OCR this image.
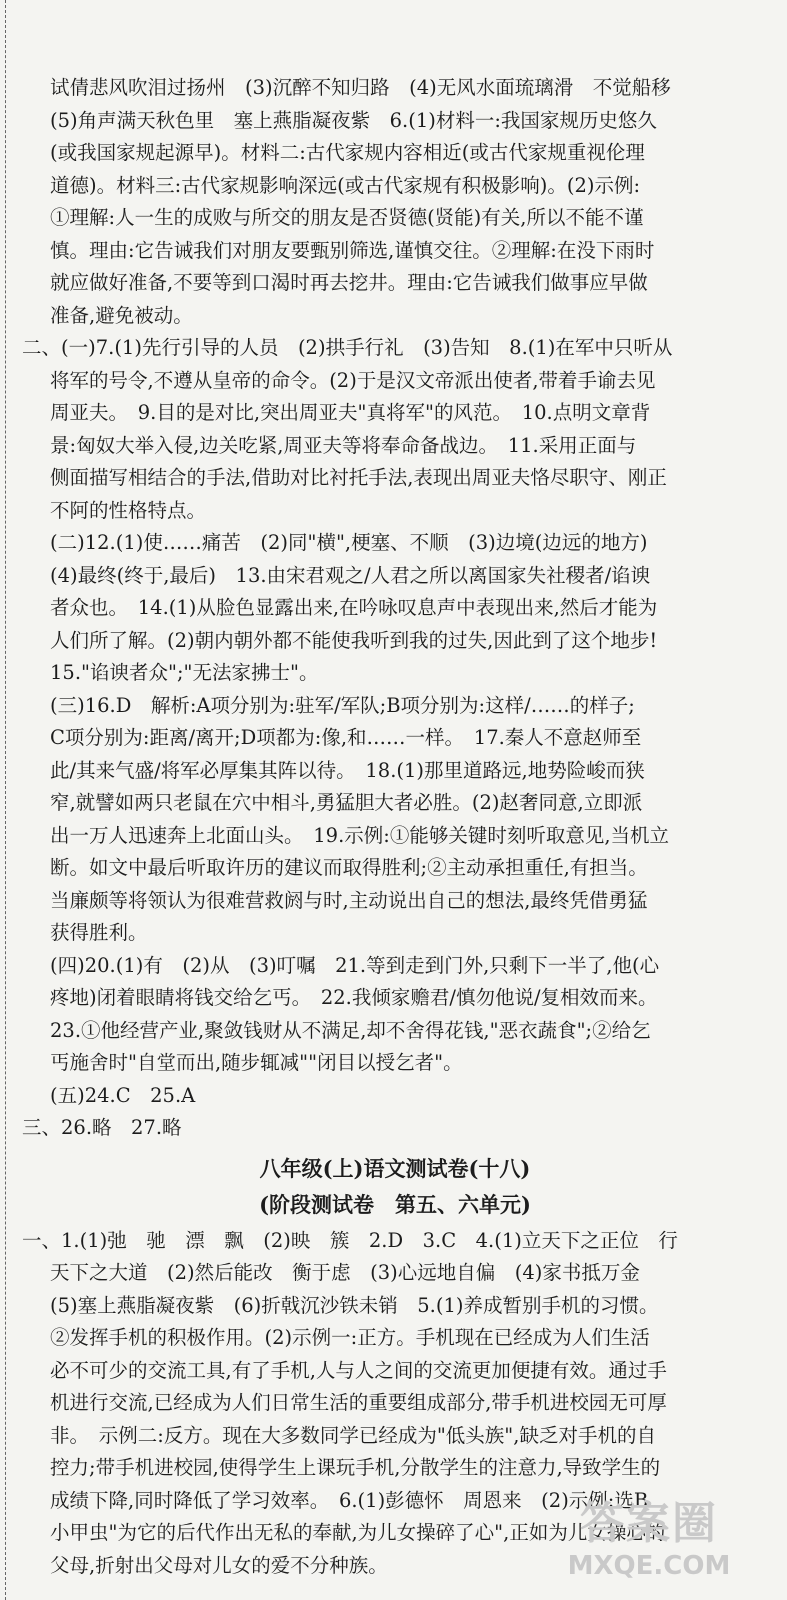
试倩悲风吹泪过扬州　(3)沉醉不知归路　(4)无风水面琉璃滑　不觉船移
(5)角声满天秋色里　塞上燕脂凝夜紫　6.(1)材料一:我国家规历史悠久
(或我国家规起源早)。材料二:古代家规内容相近(或古代家规重视伦理
道德)。材料三:古代家规影响深远(或古代家规有积极影响)。(2)示例:
①理解:人一生的成败与所交的朋友是否贤德(贤能)有关,所以不能不谨
慎。理由:它告诫我们对朋友要甄别筛选,谨慎交往。②理解:在没下雨时
就应做好准备,不要等到口渴时再去挖井。理由:它告诫我们做事应早做
准备,避免被动。
二、(一)7.(1)先行引导的人员　(2)拱手行礼　(3)告知　8.(1)在军中只听从
将军的号令,不遵从皇帝的命令。(2)于是汉文帝派出使者,带着手谕去见
周亚夫。　9.目的是对比,突出周亚夫"真将军"的风范。　10.点明文章背
景:匈奴大举入侵,边关吃紧,周亚夫等将奉命备战边。　11.采用正面与
侧面描写相结合的手法,借助对比衬托手法,表现出周亚夫恪尽职守、刚正
不阿的性格特点。
(二)12.(1)使……痛苦　(2)同"横",梗塞、不顺　(3)边境(边远的地方)
(4)最终(终于,最后)　13.由宋君观之/人君之所以离国家失社稷者/谄谀
者众也。　14.(1)从脸色显露出来,在吟咏叹息声中表现出来,然后才能为
人们所了解。(2)朝内朝外都不能使我听到我的过失,因此到了这个地步!
15."谄谀者众";"无法家拂士"。
(三)16.D　解析:A项分别为:驻军/军队;B项分别为:这样/……的样子;
C项分别为:距离/离开;D项都为:像,和……一样。　17.秦人不意赵师至
此/其来气盛/将军必厚集其阵以待。　18.(1)那里道路远,地势险峻而狭
窄,就譬如两只老鼠在穴中相斗,勇猛胆大者必胜。(2)赵奢同意,立即派
出一万人迅速奔上北面山头。　19.示例:①能够关键时刻听取意见,当机立
断。如文中最后听取许历的建议而取得胜利;②主动承担重任,有担当。
当廉颇等将领认为很难营救阏与时,主动说出自己的想法,最终凭借勇猛
获得胜利。
(四)20.(1)有　(2)从　(3)叮嘱　21.等到走到门外,只剩下一半了,他(心
疼地)闭着眼睛将钱交给乞丐。　22.我倾家赡君/慎勿他说/复相效而来。
23.①他经营产业,聚敛钱财从不满足,却不舍得花钱,"恶衣蔬食";②给乞
丐施舍时"自堂而出,随步辄减""闭目以授乞者"。
(五)24.C　25.A
三、26.略　27.略
八年级(上)语文测试卷(十八)
(阶段测试卷　第五、六单元)
一、1.(1)弛　驰　漂　飘　(2)映　簇　2.D　3.C　4.(1)立天下之正位　行
天下之大道　(2)然后能改　衡于虑　(3)心远地自偏　(4)家书抵万金
(5)塞上燕脂凝夜紫　(6)折戟沉沙铁未销　5.(1)养成暂别手机的习惯。
②发挥手机的积极作用。(2)示例一:正方。手机现在已经成为人们生活
必不可少的交流工具,有了手机,人与人之间的交流更加便捷有效。通过手
机进行交流,已经成为人们日常生活的重要组成部分,带手机进校园无可厚
非。　示例二:反方。现在大多数同学已经成为"低头族",缺乏对手机的自
控力;带手机进校园,使得学生上课玩手机,分散学生的注意力,导致学生的
成绩下降,同时降低了学习效率。　6.(1)彭德怀　周恩来　(2)示例:选B
小甲虫"为它的后代作出无私的奉献,为儿女操碎了心",正如为儿女操心的
父母,折射出父母对儿女的爱不分种族。
答案圈
MXQE.COM
